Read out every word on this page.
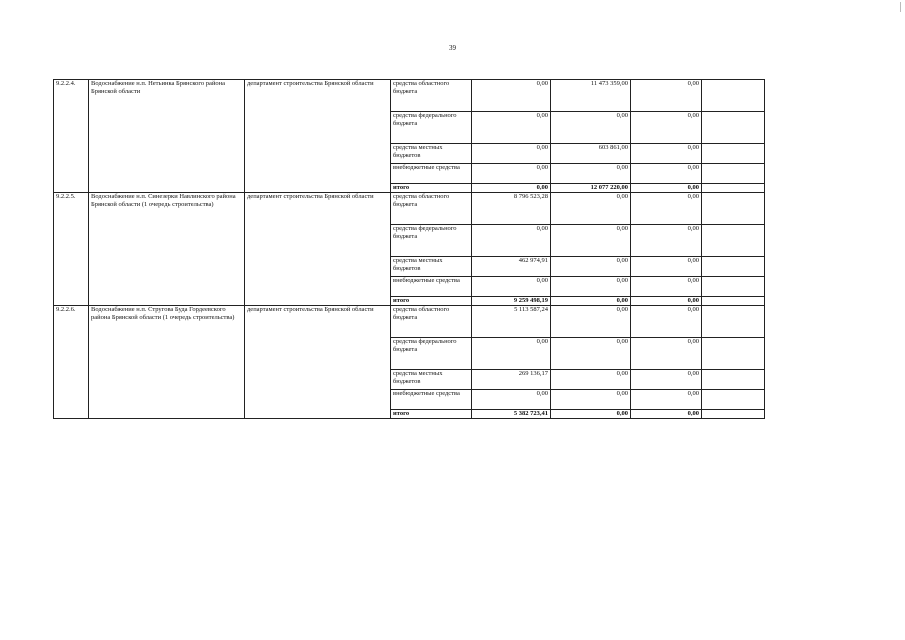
39
9.2.2.4.	Водоснабжение н.п. Нетьинка Брянского района Брянской области	департамент строительства Брянской области	средства областного бюджета	0,00	11 473 359,00	0,00	
			средства федерального бюджета	0,00	0,00	0,00	
			средства местных бюджетов	0,00	603 861,00	0,00	
			внебюджетные средства	0,00	0,00	0,00	
			итого	0,00	12 077 220,00	0,00	
9.2.2.5.	Водоснабжение н.п. Синезерки Навлинского района Брянской области (1 очередь строительства)	департамент строительства Брянской области	средства областного бюджета	8 796 523,28	0,00	0,00	
			средства федерального бюджета	0,00	0,00	0,00	
			средства местных бюджетов	462 974,91	0,00	0,00	
			внебюджетные средства	0,00	0,00	0,00	
			итого	9 259 498,19	0,00	0,00	
9.2.2.6.	Водоснабжение н.п. Стругова Буда Гордеевского района Брянской области (1 очередь строительства)	департамент строительства Брянской области	средства областного бюджета	5 113 587,24	0,00	0,00	
			средства федерального бюджета	0,00	0,00	0,00	
			средства местных бюджетов	269 136,17	0,00	0,00	
			внебюджетные средства	0,00	0,00	0,00	
			итого	5 382 723,41	0,00	0,00	
